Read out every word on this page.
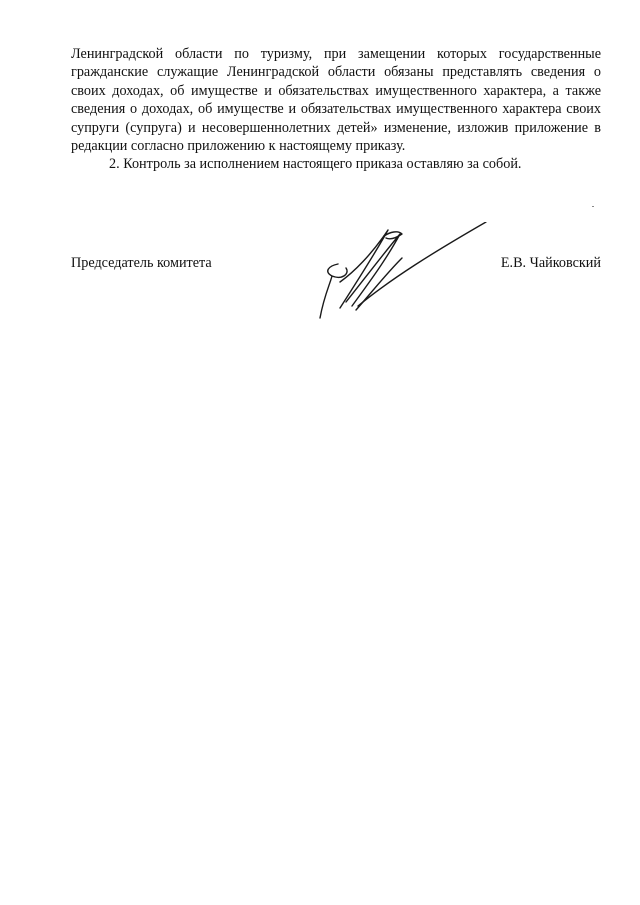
Ленинградской области по туризму, при замещении которых государственные гражданские служащие Ленинградской области обязаны представлять сведения о своих доходах, об имуществе и обязательствах имущественного характера, а также сведения о доходах, об имуществе и обязательствах имущественного характера своих супруги (супруга) и несовершеннолетних детей» изменение, изложив приложение в редакции согласно приложению к настоящему приказу.

2. Контроль за исполнением настоящего приказа оставляю за собой.

Председатель комитета	Е.В. Чайковский
